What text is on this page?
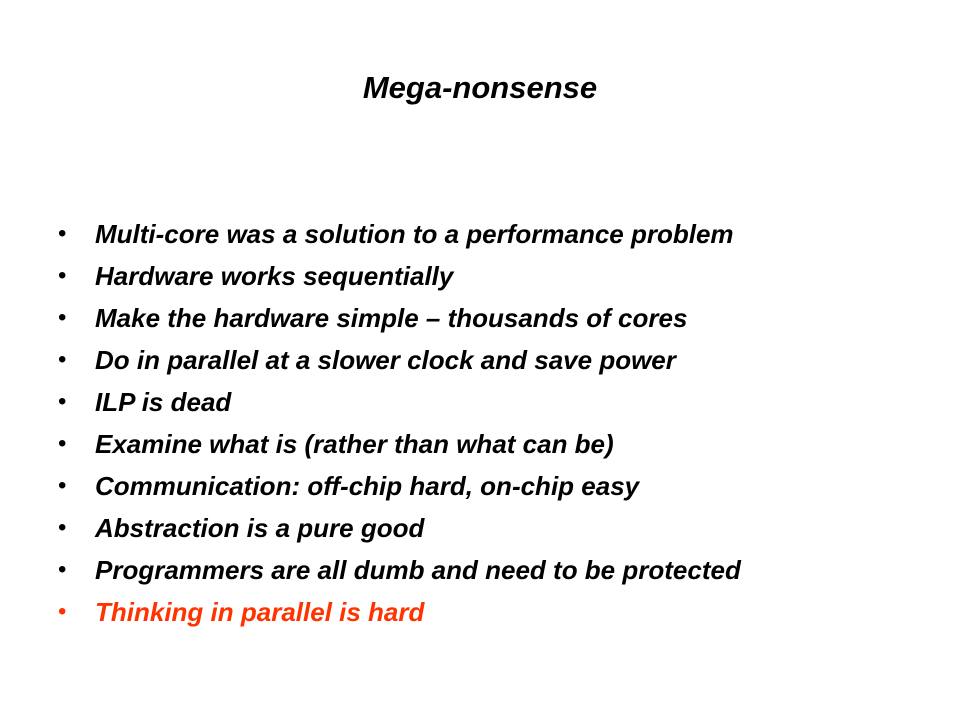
Mega-nonsense
• Multi-core was a solution to a performance problem
• Hardware works sequentially
• Make the hardware simple – thousands of cores
• Do in parallel at a slower clock and save power
• ILP is dead
• Examine what is (rather than what can be)
• Communication: off-chip hard, on-chip easy
• Abstraction is a pure good
• Programmers are all dumb and need to be protected
• Thinking in parallel is hard
